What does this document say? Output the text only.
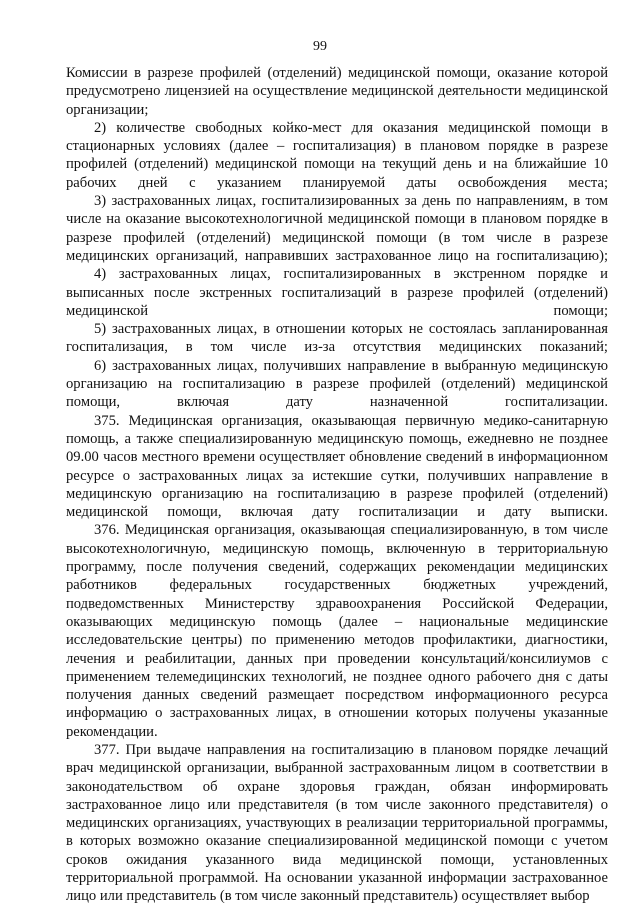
99

Комиссии в разрезе профилей (отделений) медицинской помощи, оказание которой предусмотрено лицензией на осуществление медицинской деятельности медицинской организации;

2) количестве свободных койко-мест для оказания медицинской помощи в стационарных условиях (далее – госпитализация) в плановом порядке в разрезе профилей (отделений) медицинской помощи на текущий день и на ближайшие 10 рабочих дней с указанием планируемой даты освобождения места;

3) застрахованных лицах, госпитализированных за день по направлениям, в том числе на оказание высокотехнологичной медицинской помощи в плановом порядке в разрезе профилей (отделений) медицинской помощи (в том числе в разрезе медицинских организаций, направивших застрахованное лицо на госпитализацию);

4) застрахованных лицах, госпитализированных в экстренном порядке и выписанных после экстренных госпитализаций в разрезе профилей (отделений) медицинской помощи;

5) застрахованных лицах, в отношении которых не состоялась запланированная госпитализация, в том числе из-за отсутствия медицинских показаний;

6) застрахованных лицах, получивших направление в выбранную медицинскую организацию на госпитализацию в разрезе профилей (отделений) медицинской помощи, включая дату назначенной госпитализации.

375. Медицинская организация, оказывающая первичную медико-санитарную помощь, а также специализированную медицинскую помощь, ежедневно не позднее 09.00 часов местного времени осуществляет обновление сведений в информационном ресурсе о застрахованных лицах за истекшие сутки, получивших направление в медицинскую организацию на госпитализацию в разрезе профилей (отделений) медицинской помощи, включая дату госпитализации и дату выписки.

376. Медицинская организация, оказывающая специализированную, в том числе высокотехнологичную, медицинскую помощь, включенную в территориальную программу, после получения сведений, содержащих рекомендации медицинских работников федеральных государственных бюджетных учреждений, подведомственных Министерству здравоохранения Российской Федерации, оказывающих медицинскую помощь (далее – национальные медицинские исследовательские центры) по применению методов профилактики, диагностики, лечения и реабилитации, данных при проведении консультаций/консилиумов с применением телемедицинских технологий, не позднее одного рабочего дня с даты получения данных сведений размещает посредством информационного ресурса информацию о застрахованных лицах, в отношении которых получены указанные рекомендации.

377. При выдаче направления на госпитализацию в плановом порядке лечащий врач медицинской организации, выбранной застрахованным лицом в соответствии в законодательством об охране здоровья граждан, обязан информировать застрахованное лицо или представителя (в том числе законного представителя) о медицинских организациях, участвующих в реализации территориальной программы, в которых возможно оказание специализированной медицинской помощи с учетом сроков ожидания указанного вида медицинской помощи, установленных территориальной программой. На основании указанной информации застрахованное лицо или представитель (в том числе законный представитель) осуществляет выбор
